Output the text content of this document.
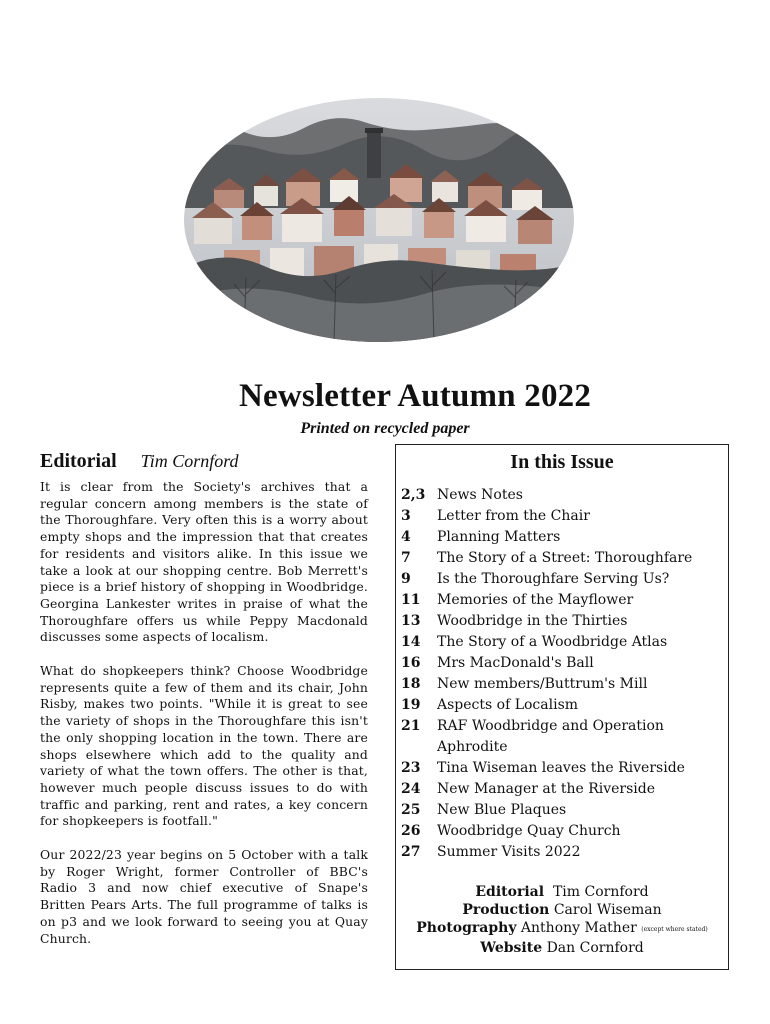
Newsletter Autumn 2022
Printed on recycled paper
Editorial Tim Cornford

It is clear from the Society's archives that a regular concern among members is the state of the Thoroughfare. Very often this is a worry about empty shops and the impression that that creates for residents and visitors alike. In this issue we take a look at our shopping centre. Bob Merrett's piece is a brief history of shopping in Woodbridge. Georgina Lankester writes in praise of what the Thoroughfare offers us while Peppy Macdonald discusses some aspects of localism.

What do shopkeepers think? Choose Woodbridge represents quite a few of them and its chair, John Risby, makes two points. "While it is great to see the variety of shops in the Thoroughfare this isn't the only shopping location in the town. There are shops elsewhere which add to the quality and variety of what the town offers. The other is that, however much people discuss issues to do with traffic and parking, rent and rates, a key concern for shopkeepers is footfall."

Our 2022/23 year begins on 5 October with a talk by Roger Wright, former Controller of BBC's Radio 3 and now chief executive of Snape's Britten Pears Arts. The full programme of talks is on p3 and we look forward to seeing you at Quay Church.

In this Issue
2,3 News Notes
3	Letter from the Chair
4	Planning Matters
7	The Story of a Street: Thoroughfare
9	Is the Thoroughfare Serving Us?
11	Memories of the Mayflower
13	Woodbridge in the Thirties
14	The Story of a Woodbridge Atlas
16	Mrs MacDonald's Ball
18	New members/Buttrum's Mill
19	Aspects of Localism
21	RAF Woodbridge and Operation Aphrodite
23	Tina Wiseman leaves the Riverside
24	New Manager at the Riverside
25	New Blue Plaques
26	Woodbridge Quay Church
27	Summer Visits 2022
Editorial Tim Cornford
Production Carol Wiseman
Photography Anthony Mather (except where stated)
Website Dan Cornford
